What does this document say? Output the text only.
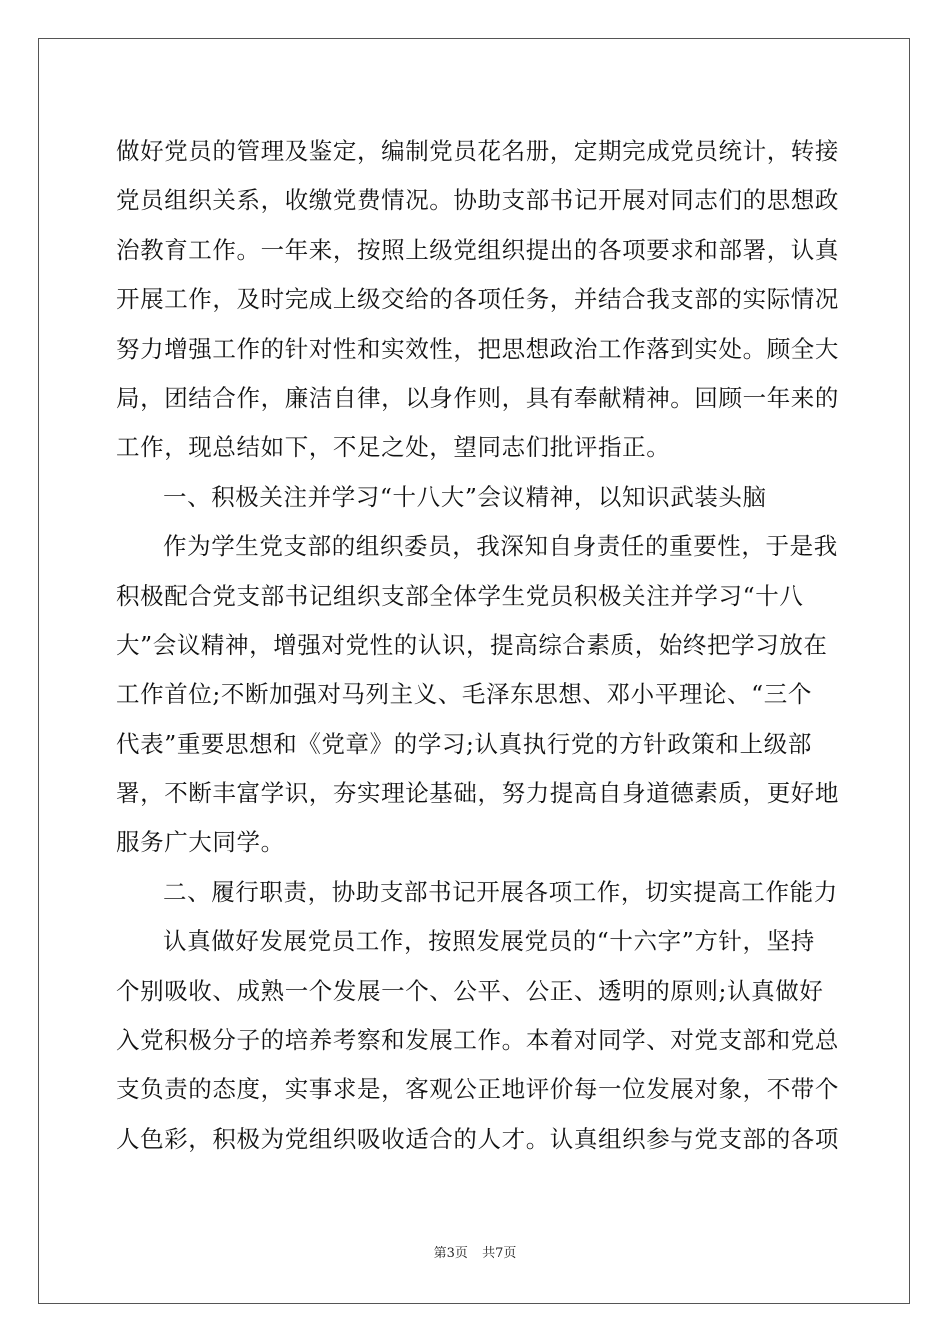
做好党员的管理及鉴定，编制党员花名册，定期完成党员统计，转接
党员组织关系，收缴党费情况。协助支部书记开展对同志们的思想政
治教育工作。一年来，按照上级党组织提出的各项要求和部署，认真
开展工作，及时完成上级交给的各项任务，并结合我支部的实际情况
努力增强工作的针对性和实效性，把思想政治工作落到实处。顾全大
局，团结合作，廉洁自律，以身作则，具有奉献精神。回顾一年来的
工作，现总结如下，不足之处，望同志们批评指正。
一、积极关注并学习“十八大”会议精神，以知识武装头脑
作为学生党支部的组织委员，我深知自身责任的重要性，于是我
积极配合党支部书记组织支部全体学生党员积极关注并学习“十八
大”会议精神，增强对党性的认识，提高综合素质，始终把学习放在
工作首位;不断加强对马列主义、毛泽东思想、邓小平理论、“三个
代表”重要思想和《党章》的学习;认真执行党的方针政策和上级部
署，不断丰富学识，夯实理论基础，努力提高自身道德素质，更好地
服务广大同学。
二、履行职责，协助支部书记开展各项工作，切实提高工作能力
认真做好发展党员工作，按照发展党员的“十六字”方针，坚持
个别吸收、成熟一个发展一个、公平、公正、透明的原则;认真做好
入党积极分子的培养考察和发展工作。本着对同学、对党支部和党总
支负责的态度，实事求是，客观公正地评价每一位发展对象，不带个
人色彩，积极为党组织吸收适合的人才。认真组织参与党支部的各项
第3页 共7页
